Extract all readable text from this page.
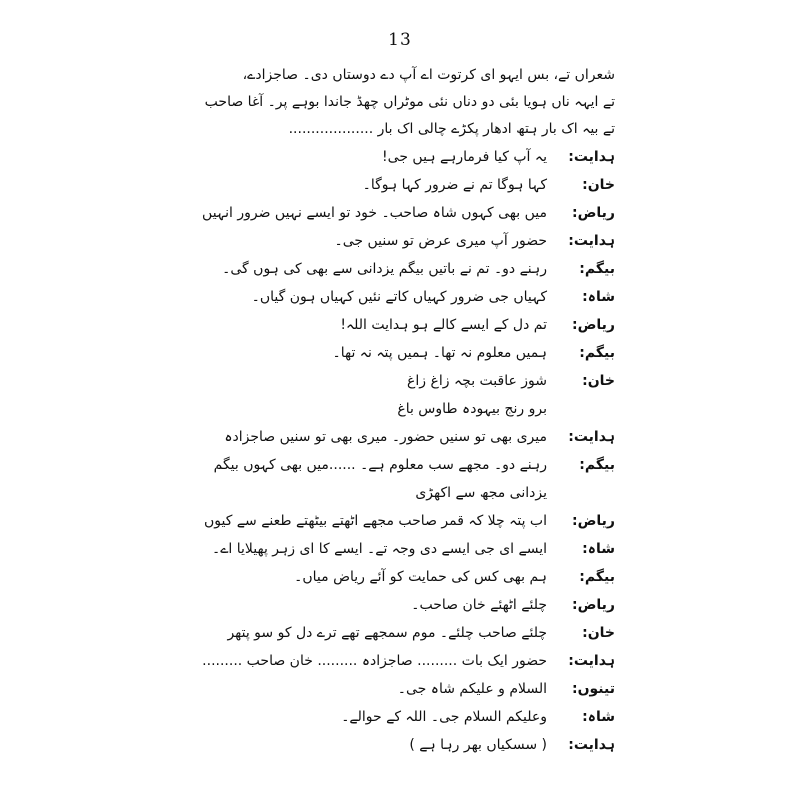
13
شعراں تے، بس ایہو ای کرتوت اے آپ دے دوستاں دی۔ صاجزادے،
تے ایہہ ناں ہویا بئی دو دناں نئی موٹراں چھڈ جاندا بوہے پر۔ آغا صاحب
تے بیہ اک بار ہتھ ادھار پکڑے چالی اک بار ...................
ہدایت:
یہ آپ کیا فرمارہے ہیں جی!
خان:
کہا ہوگا تم نے ضرور کہا ہوگا۔
ریاض:
میں بھی کہوں شاہ صاحب۔ خود تو ایسے نہیں ضرور انہیں
ہدایت:
حضور آپ میری عرض تو سنیں جی۔
بیگم:
رہنے دو۔ تم نے باتیں بیگم یزدانی سے بھی کی ہوں گی۔
شاہ:
کہیاں جی ضرور کہیاں کاتے نئیں کہیاں ہون گیاں۔
ریاض:
تم دل کے ایسے کالے ہو ہدایت اللہ!
بیگم:
ہمیں معلوم نہ تھا۔ ہمیں پتہ نہ تھا۔
خان:
شوز عاقبت بچہ زاغ زاغ
برو رنج بیہودہ طاوس باغ
ہدایت:
میری بھی تو سنیں حضور۔ میری بھی تو سنیں صاجزادہ
بیگم:
رہنے دو۔ مجھے سب معلوم ہے۔ ......میں بھی کہوں بیگم یزدانی مجھ سے اکھڑی

ریاض:
اب پتہ چلا کہ قمر صاحب مجھے اٹھتے بیٹھتے طعنے سے کیوں
شاہ:
ایسے ای جی ایسے دی وجہ تے۔ ایسے کا ای زہر پھیلایا اے۔
بیگم:
ہم بھی کس کی حمایت کو آئے ریاض میاں۔
ریاض:
چلئے اٹھئے خان صاحب۔
خان:
چلئے صاحب چلئے۔ موم سمجھے تھے ترے دل کو سو پتھر
ہدایت:
حضور ایک بات ......... صاجزادہ ......... خان صاحب .........
تینوں:
السلام و علیکم شاہ جی۔
شاہ:
وعلیکم السلام جی۔ اللہ کے حوالے۔
ہدایت:
( سسکیاں بھر رہا ہے )
